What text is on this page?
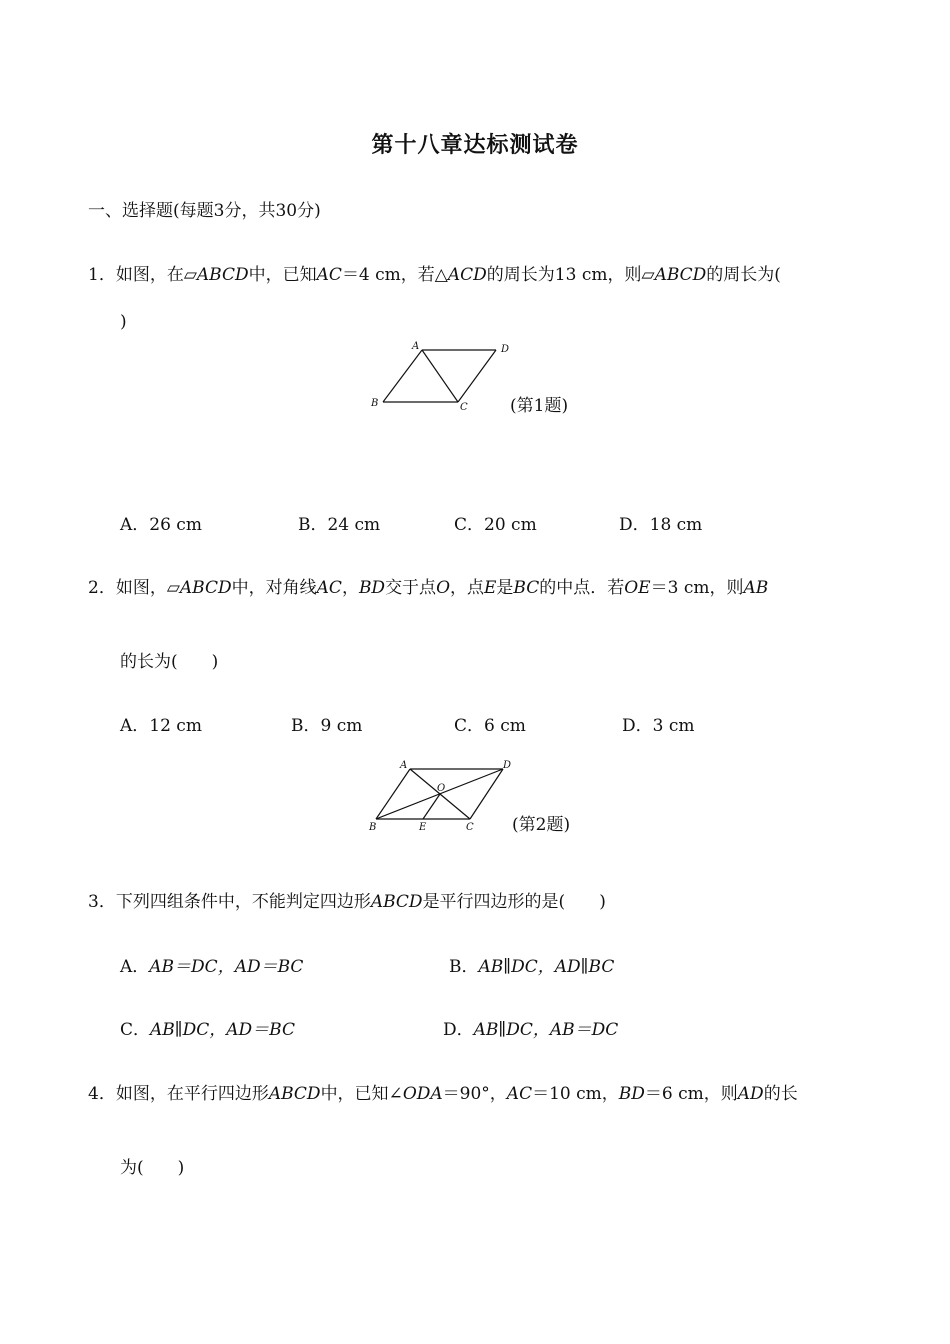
第十八章达标测试卷
一、选择题(每题3分，共30分)
1．如图，在▱ABCD中，已知AC＝4 cm，若△ACD的周长为13 cm，则▱ABCD的周长为(
)
A	D
B	C (第1题)
A．26 cm	B．24 cm	C．20 cm	D．18 cm
2．如图，▱ABCD中，对角线AC，BD交于点O，点E是BC的中点．若OE＝3 cm，则AB
的长为(　　)
A．12 cm	B．9 cm	C．6 cm	D．3 cm
A	D
O
B	E	C (第2题)
3．下列四组条件中，不能判定四边形ABCD是平行四边形的是(　　)
A．AB＝DC，AD＝BC	B．AB∥DC，AD∥BC
C．AB∥DC，AD＝BC	D．AB∥DC，AB＝DC
4．如图，在平行四边形ABCD中，已知∠ODA＝90°，AC＝10 cm，BD＝6 cm，则AD的长
为(　　)
